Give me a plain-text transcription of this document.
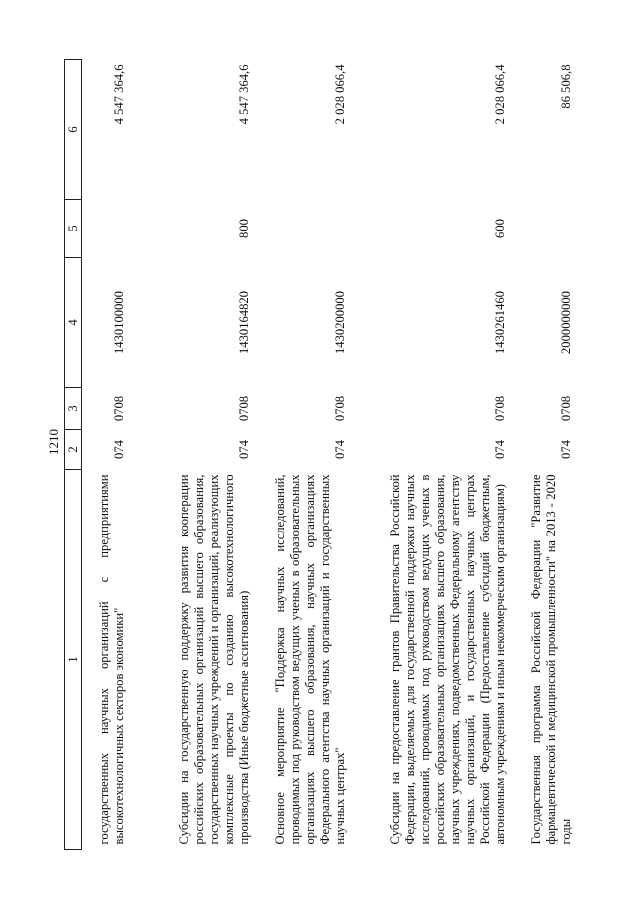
1210
1	2	3	4	5	6
государственных научных организаций с предприятиями высокотехнологичных секторов экономики"	074	0708	1430100000		4 547 364,6
Субсидии на государственную поддержку развития кооперации российских образовательных организаций высшего образования, государственных научных учреждений и организаций, реализующих комплексные проекты по созданию высокотехнологичного производства (Иные бюджетные ассигнования)	074	0708	1430164820	800	4 547 364,6
Основное мероприятие "Поддержка научных исследований, проводимых под руководством ведущих ученых в образовательных организациях высшего образования, научных организациях Федерального агентства научных организаций и государственных научных центрах"	074	0708	1430200000		2 028 066,4
Субсидии на предоставление грантов Правительства Российской Федерации, выделяемых для государственной поддержки научных исследований, проводимых под руководством ведущих ученых в российских образовательных организациях высшего образования, научных учреждениях, подведомственных Федеральному агентству научных организаций, и государственных научных центрах Российской Федерации (Предоставление субсидий бюджетным, автономным учреждениям и иным некоммерческим организациям)	074	0708	1430261460	600	2 028 066,4
Государственная программа Российской Федерации "Развитие фармацевтической и медицинской промышленности" на 2013 - 2020 годы	074	0708	2000000000		86 506,8
